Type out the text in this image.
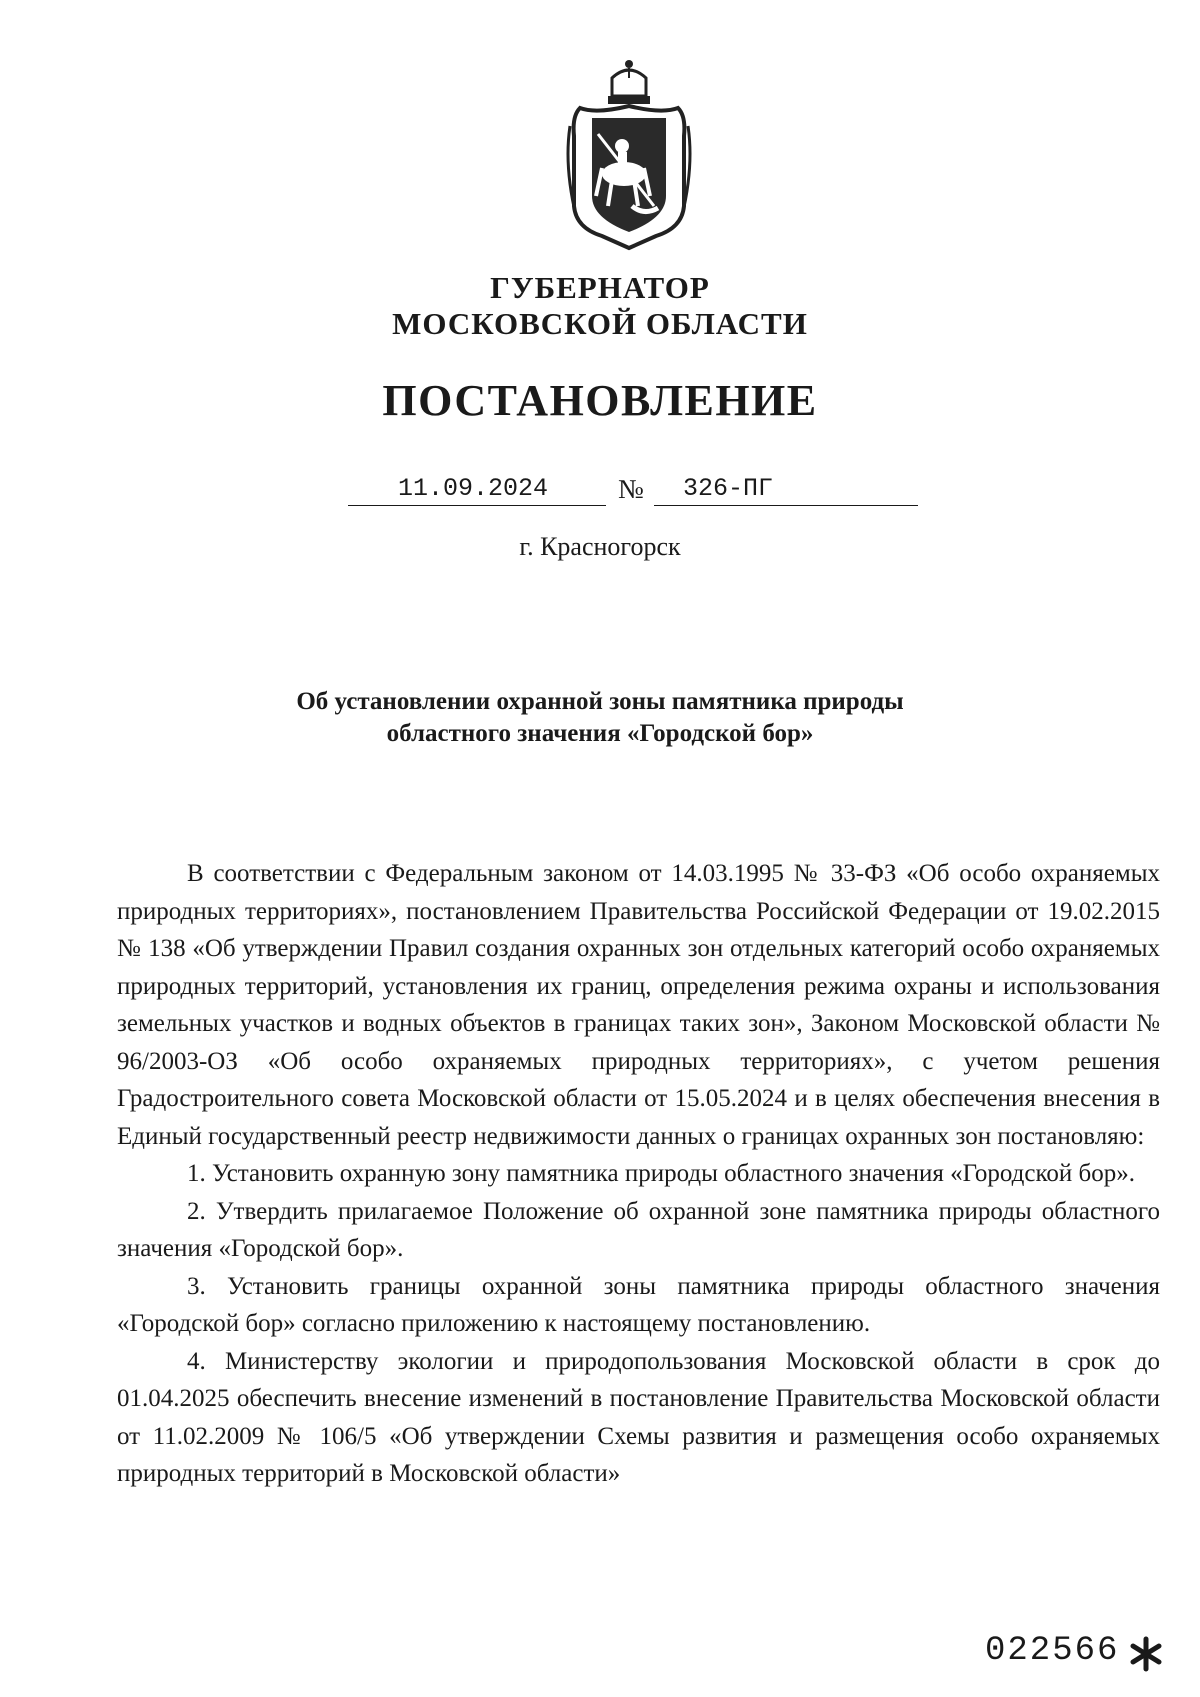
ГУБЕРНАТОР
МОСКОВСКОЙ ОБЛАСТИ
ПОСТАНОВЛЕНИЕ
11.09.2024	№ 326-ПГ
г. Красногорск
Об установлении охранной зоны памятника природы
областного значения «Городской бор»

В соответствии с Федеральным законом от 14.03.1995 № 33-ФЗ «Об особо охраняемых природных территориях», постановлением Правительства Российской Федерации от 19.02.2015 № 138 «Об утверждении Правил создания охранных зон отдельных категорий особо охраняемых природных территорий, установления их границ, определения режима охраны и использования земельных участков и водных объектов в границах таких зон», Законом Московской области № 96/2003-ОЗ «Об особо охраняемых природных территориях», с учетом решения Градостроительного совета Московской области от 15.05.2024 и в целях обеспечения внесения в Единый государственный реестр недвижимости данных о границах охранных зон постановляю:

1. Установить охранную зону памятника природы областного значения «Городской бор».

2. Утвердить прилагаемое Положение об охранной зоне памятника природы областного значения «Городской бор».

3. Установить границы охранной зоны памятника природы областного значения «Городской бор» согласно приложению к настоящему постановлению.

4. Министерству экологии и природопользования Московской области в срок до 01.04.2025 обеспечить внесение изменений в постановление Правительства Московской области от 11.02.2009 № 106/5 «Об утверждении Схемы развития и размещения особо охраняемых природных территорий в Московской области»

022566
